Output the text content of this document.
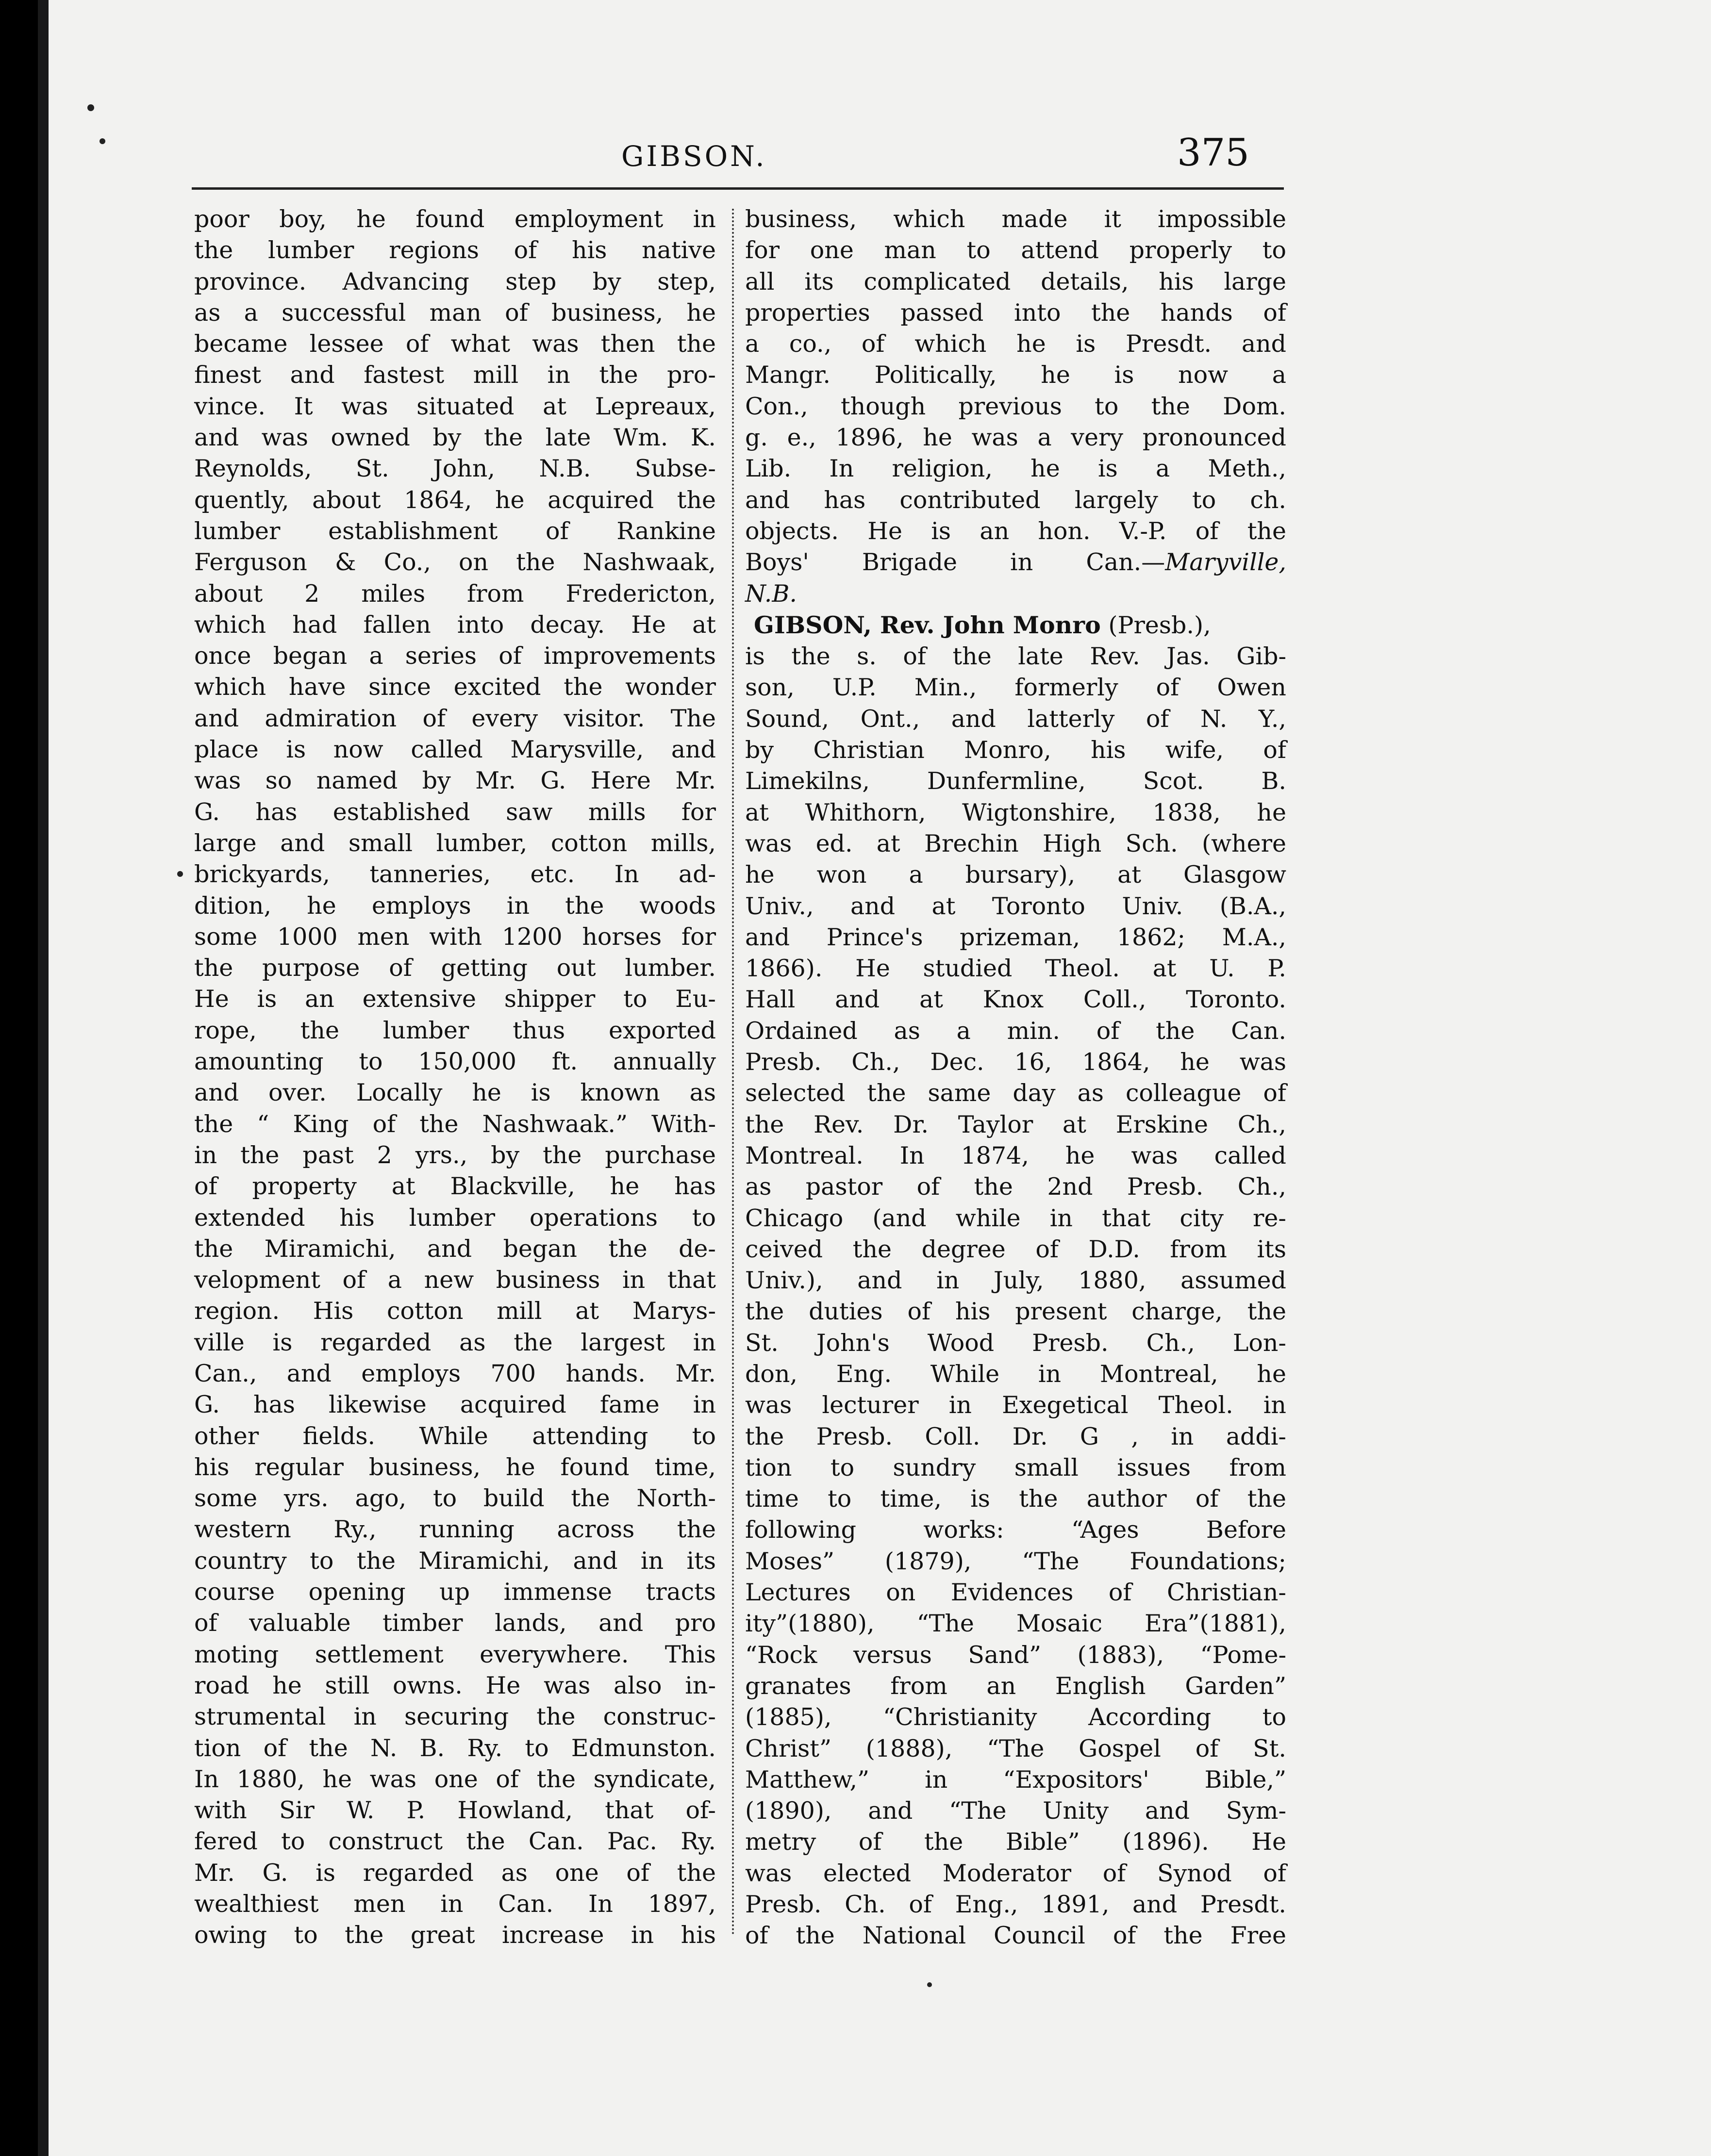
GIBSON.	375
poor boy, he found employment in
the lumber regions of his native
province. Advancing step by step,
as a successful man of business, he
became lessee of what was then the
finest and fastest mill in the pro-
vince. It was situated at Lepreaux,
and was owned by the late Wm. K.
Reynolds, St. John, N.B. Subse-
quently, about 1864, he acquired the
lumber establishment of Rankine
Ferguson & Co., on the Nashwaak,
about 2 miles from Fredericton,
which had fallen into decay. He at
once began a series of improvements
which have since excited the wonder
and admiration of every visitor. The
place is now called Marysville, and
was so named by Mr. G. Here Mr.
G. has established saw mills for
large and small lumber, cotton mills,
brickyards, tanneries, etc. In ad-
dition, he employs in the woods
some 1000 men with 1200 horses for
the purpose of getting out lumber.
He is an extensive shipper to Eu-
rope, the lumber thus exported
amounting to 150,000 ft. annually
and over. Locally he is known as
the “ King of the Nashwaak.” With-
in the past 2 yrs., by the purchase
of property at Blackville, he has
extended his lumber operations to
the Miramichi, and began the de-
velopment of a new business in that
region. His cotton mill at Marys-
ville is regarded as the largest in
Can., and employs 700 hands. Mr.
G. has likewise acquired fame in
other fields. While attending to
his regular business, he found time,
some yrs. ago, to build the North-
western Ry., running across the
country to the Miramichi, and in its
course opening up immense tracts
of valuable timber lands, and pro
moting settlement everywhere. This
road he still owns. He was also in-
strumental in securing the construc-
tion of the N. B. Ry. to Edmunston.
In 1880, he was one of the syndicate,
with Sir W. P. Howland, that of-
fered to construct the Can. Pac. Ry.
Mr. G. is regarded as one of the
wealthiest men in Can. In 1897,
owing to the great increase in his
business, which made it impossible
for one man to attend properly to
all its complicated details, his large
properties passed into the hands of
a co., of which he is Presdt. and
Mangr. Politically, he is now a
Con., though previous to the Dom.
g. e., 1896, he was a very pronounced
Lib. In religion, he is a Meth.,
and has contributed largely to ch.
objects. He is an hon. V.-P. of the
Boys' Brigade in Can.—Maryville,
N.B.
GIBSON, Rev. John Monro (Presb.),
is the s. of the late Rev. Jas. Gib-
son, U.P. Min., formerly of Owen
Sound, Ont., and latterly of N. Y.,
by Christian Monro, his wife, of
Limekilns, Dunfermline, Scot. B.
at Whithorn, Wigtonshire, 1838, he
was ed. at Brechin High Sch. (where
he won a bursary), at Glasgow
Univ., and at Toronto Univ. (B.A.,
and Prince's prizeman, 1862; M.A.,
1866). He studied Theol. at U. P.
Hall and at Knox Coll., Toronto.
Ordained as a min. of the Can.
Presb. Ch., Dec. 16, 1864, he was
selected the same day as colleague of
the Rev. Dr. Taylor at Erskine Ch.,
Montreal. In 1874, he was called
as pastor of the 2nd Presb. Ch.,
Chicago (and while in that city re-
ceived the degree of D.D. from its
Univ.), and in July, 1880, assumed
the duties of his present charge, the
St. John's Wood Presb. Ch., Lon-
don, Eng. While in Montreal, he
was lecturer in Exegetical Theol. in
the Presb. Coll. Dr. G , in addi-
tion to sundry small issues from
time to time, is the author of the
following works: “Ages Before
Moses” (1879), “The Foundations;
Lectures on Evidences of Christian-
ity”(1880), “The Mosaic Era”(1881),
“Rock versus Sand” (1883), “Pome-
granates from an English Garden”
(1885), “Christianity According to
Christ” (1888), “The Gospel of St.
Matthew,” in “Expositors' Bible,”
(1890), and “The Unity and Sym-
metry of the Bible” (1896). He
was elected Moderator of Synod of
Presb. Ch. of Eng., 1891, and Presdt.
of the National Council of the Free
